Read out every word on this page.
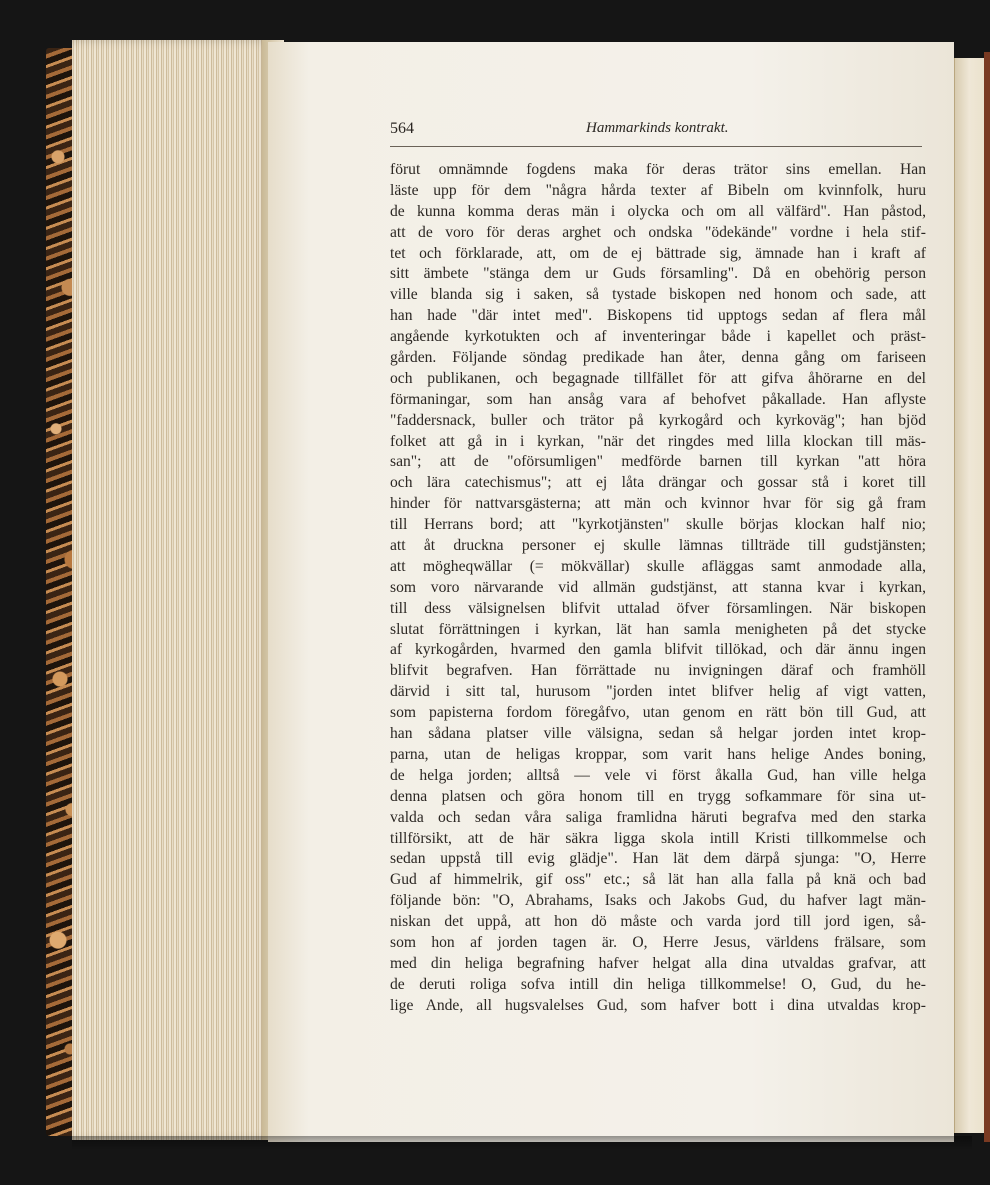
564	Hammarkinds kontrakt.
förut omnämnde fogdens maka för deras trätor sins emellan. Han
läste upp för dem "några hårda texter af Bibeln om kvinnfolk, huru
de kunna komma deras män i olycka och om all välfärd". Han påstod,
att de voro för deras arghet och ondska "ödekände" vordne i hela stif-
tet och förklarade, att, om de ej bättrade sig, ämnade han i kraft af
sitt ämbete "stänga dem ur Guds församling". Då en obehörig person
ville blanda sig i saken, så tystade biskopen ned honom och sade, att
han hade "där intet med". Biskopens tid upptogs sedan af flera mål
angående kyrkotukten och af inventeringar både i kapellet och präst-
gården. Följande söndag predikade han åter, denna gång om fariseen
och publikanen, och begagnade tillfället för att gifva åhörarne en del
förmaningar, som han ansåg vara af behofvet påkallade. Han aflyste
"faddersnack, buller och trätor på kyrkogård och kyrkoväg"; han bjöd
folket att gå in i kyrkan, "när det ringdes med lilla klockan till mäs-
san"; att de "oförsumligen" medförde barnen till kyrkan "att höra
och lära catechismus"; att ej låta drängar och gossar stå i koret till
hinder för nattvarsgästerna; att män och kvinnor hvar för sig gå fram
till Herrans bord; att "kyrkotjänsten" skulle börjas klockan half nio;
att åt druckna personer ej skulle lämnas tillträde till gudstjänsten;
att mögheqwällar (= mökvällar) skulle afläggas samt anmodade alla,
som voro närvarande vid allmän gudstjänst, att stanna kvar i kyrkan,
till dess välsignelsen blifvit uttalad öfver församlingen. När biskopen
slutat förrättningen i kyrkan, lät han samla menigheten på det stycke
af kyrkogården, hvarmed den gamla blifvit tillökad, och där ännu ingen
blifvit begrafven. Han förrättade nu invigningen däraf och framhöll
därvid i sitt tal, hurusom "jorden intet blifver helig af vigt vatten,
som papisterna fordom föregåfvo, utan genom en rätt bön till Gud, att
han sådana platser ville välsigna, sedan så helgar jorden intet krop-
parna, utan de heligas kroppar, som varit hans helige Andes boning,
de helga jorden; alltså — vele vi först åkalla Gud, han ville helga
denna platsen och göra honom till en trygg sofkammare för sina ut-
valda och sedan våra saliga framlidna häruti begrafva med den starka
tillförsikt, att de här säkra ligga skola intill Kristi tillkommelse och
sedan uppstå till evig glädje". Han lät dem därpå sjunga: "O, Herre
Gud af himmelrik, gif oss" etc.; så lät han alla falla på knä och bad
följande bön: "O, Abrahams, Isaks och Jakobs Gud, du hafver lagt män-
niskan det uppå, att hon dö måste och varda jord till jord igen, så-
som hon af jorden tagen är. O, Herre Jesus, världens frälsare, som
med din heliga begrafning hafver helgat alla dina utvaldas grafvar, att
de deruti roliga sofva intill din heliga tillkommelse! O, Gud, du he-
lige Ande, all hugsvalelses Gud, som hafver bott i dina utvaldas krop-
